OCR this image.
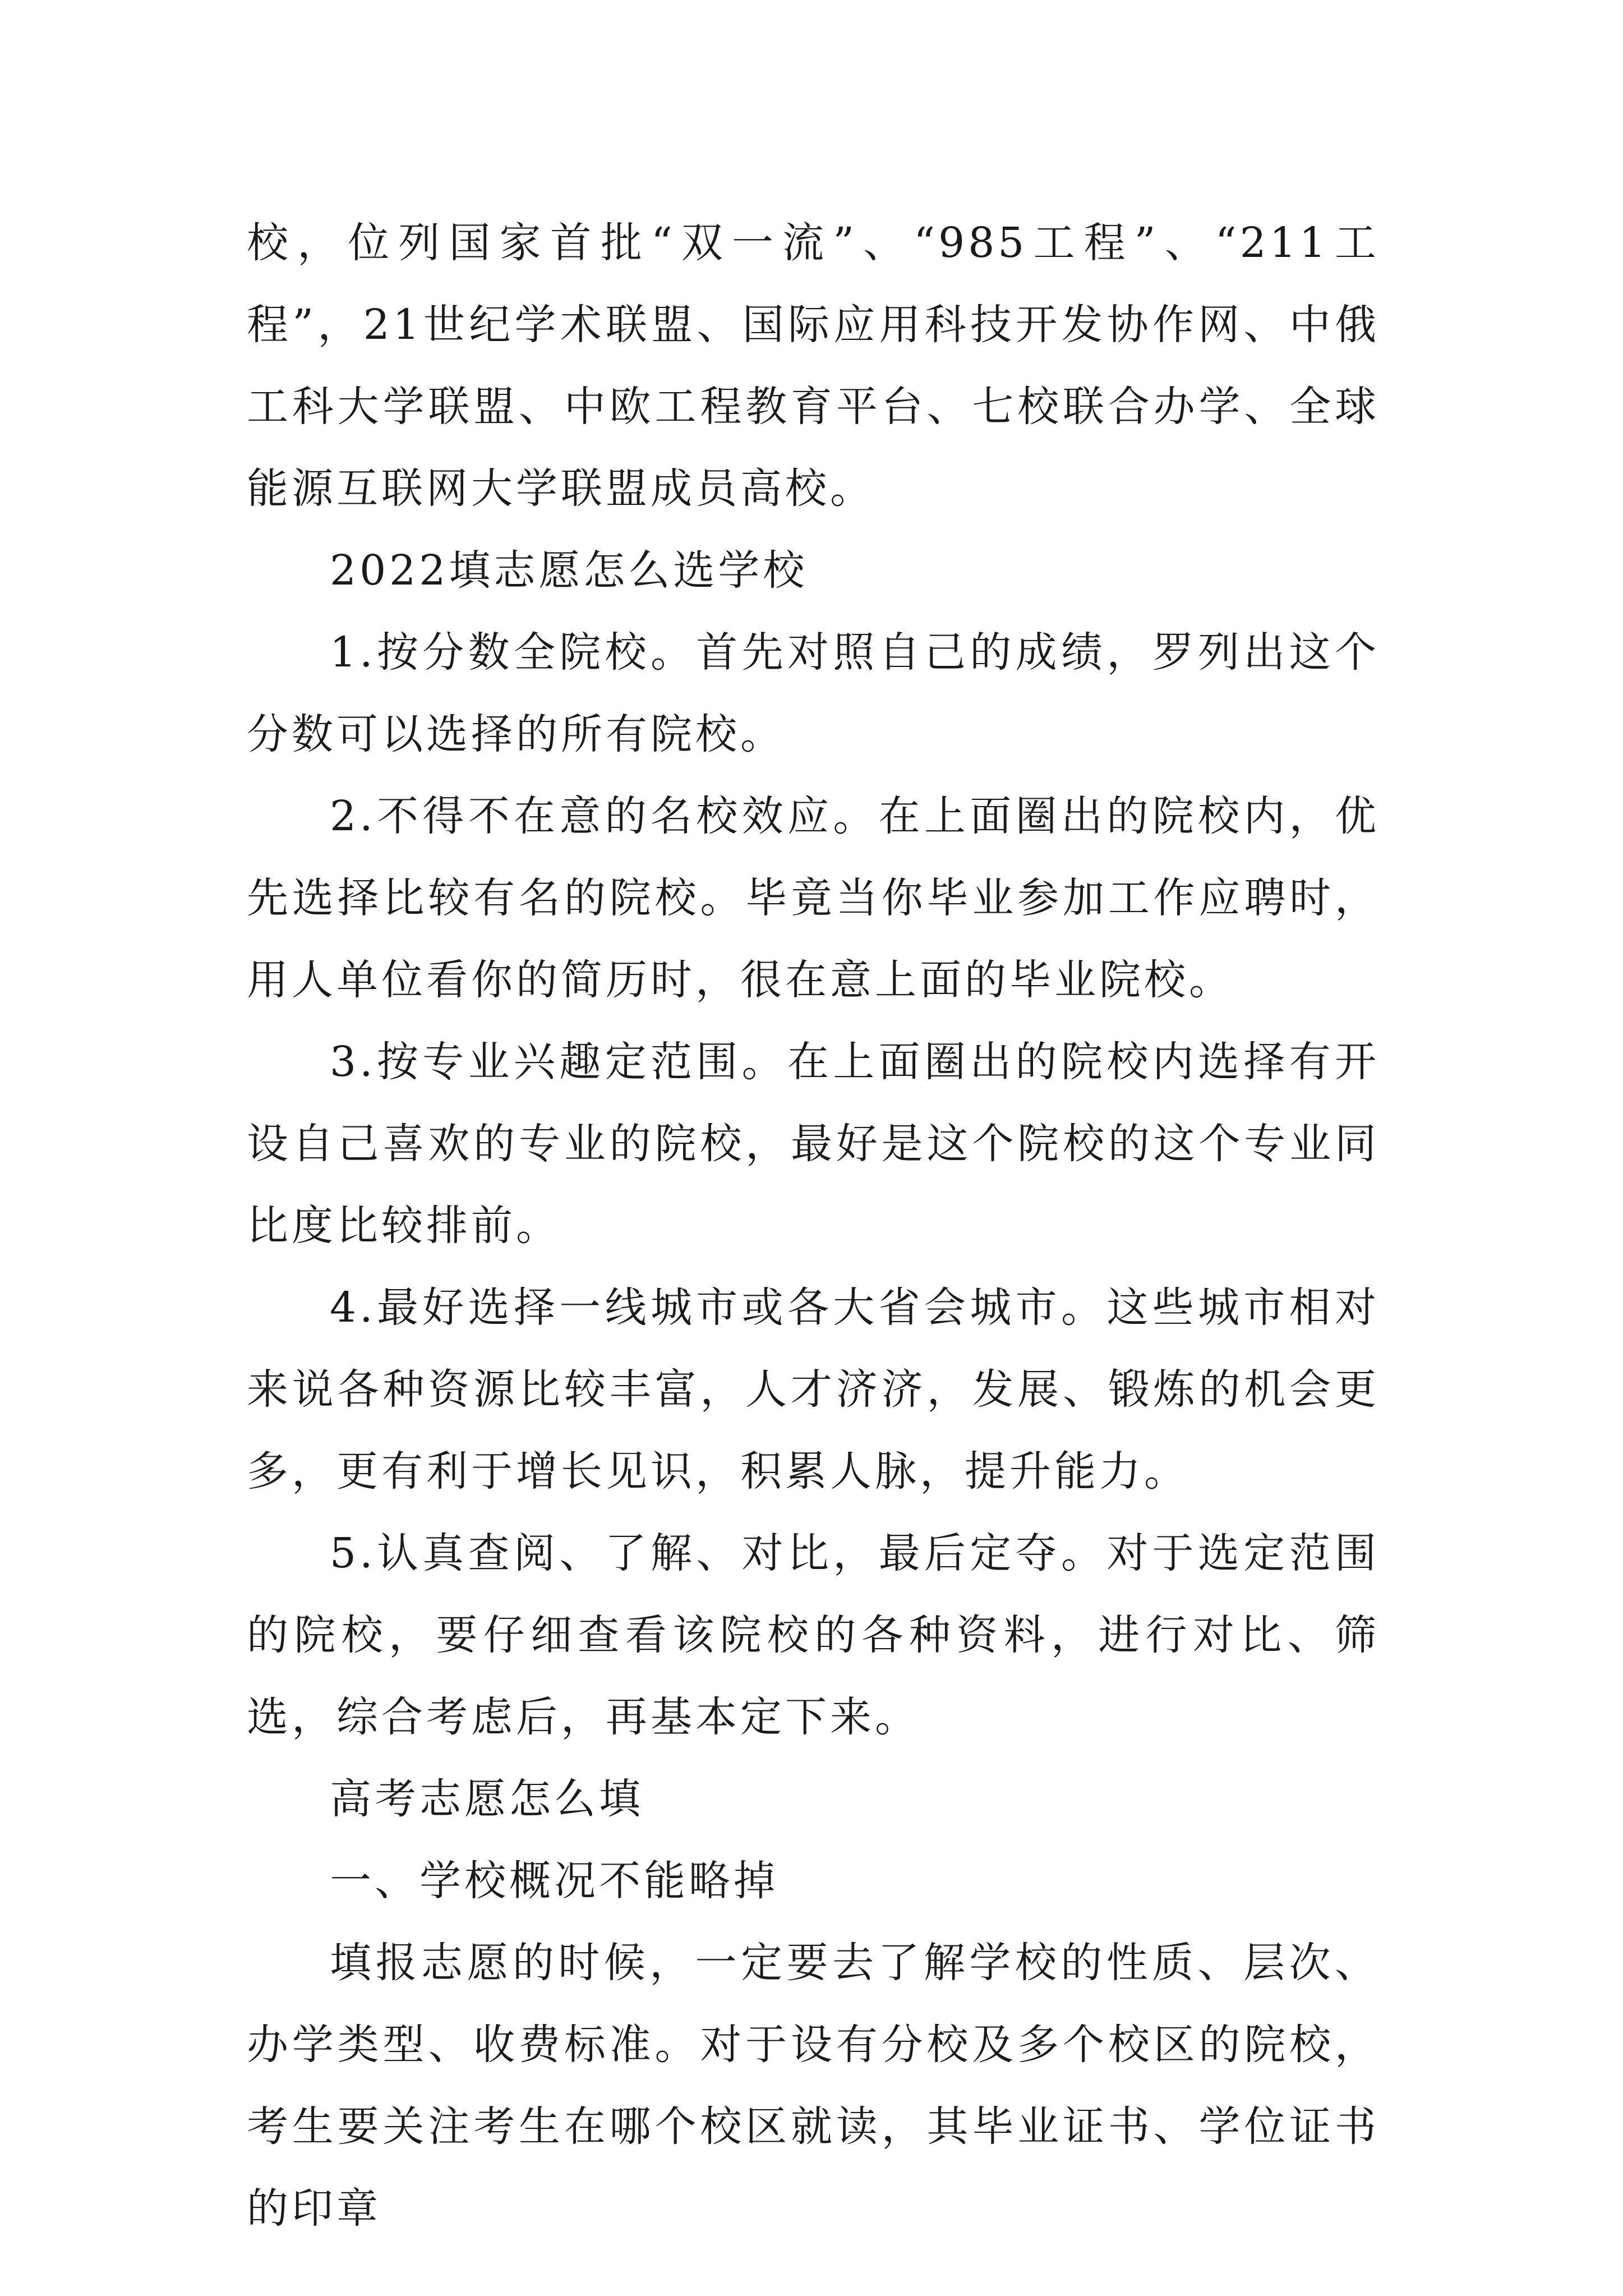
校，位列国家首批“双一流”、“985工程”、“211工程”，21世纪学术联盟、国际应用科技开发协作网、中俄工科大学联盟、中欧工程教育平台、七校联合办学、全球能源互联网大学联盟成员高校。

2022填志愿怎么选学校

1.按分数全院校。首先对照自己的成绩，罗列出这个分数可以选择的所有院校。

2.不得不在意的名校效应。在上面圈出的院校内，优先选择比较有名的院校。毕竟当你毕业参加工作应聘时，用人单位看你的简历时，很在意上面的毕业院校。

3.按专业兴趣定范围。在上面圈出的院校内选择有开设自己喜欢的专业的院校，最好是这个院校的这个专业同比度比较排前。

4.最好选择一线城市或各大省会城市。这些城市相对来说各种资源比较丰富，人才济济，发展、锻炼的机会更多，更有利于增长见识，积累人脉，提升能力。

5.认真查阅、了解、对比，最后定夺。对于选定范围的院校，要仔细查看该院校的各种资料，进行对比、筛选，综合考虑后，再基本定下来。

高考志愿怎么填

一、学校概况不能略掉

填报志愿的时候，一定要去了解学校的性质、层次、办学类型、收费标准。对于设有分校及多个校区的院校，考生要关注考生在哪个校区就读，其毕业证书、学位证书的印章
